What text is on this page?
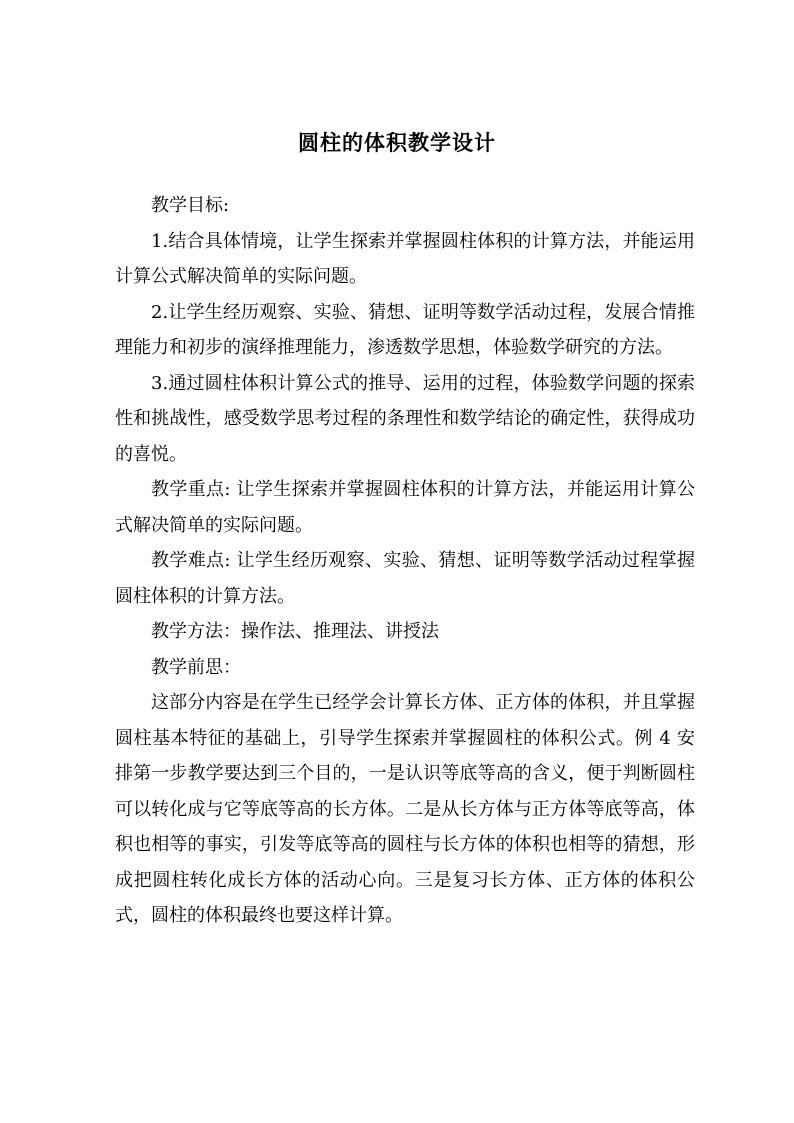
圆柱的体积教学设计

教学目标:

1.结合具体情境，让学生探索并掌握圆柱体积的计算方法，并能运用计算公式解决简单的实际问题。

2.让学生经历观察、实验、猜想、证明等数学活动过程，发展合情推理能力和初步的演绎推理能力，渗透数学思想，体验数学研究的方法。

3.通过圆柱体积计算公式的推导、运用的过程，体验数学问题的探索性和挑战性，感受数学思考过程的条理性和数学结论的确定性，获得成功的喜悦。

教学重点: 让学生探索并掌握圆柱体积的计算方法，并能运用计算公式解决简单的实际问题。

教学难点: 让学生经历观察、实验、猜想、证明等数学活动过程掌握圆柱体积的计算方法。

教学方法：操作法、推理法、讲授法

教学前思：

这部分内容是在学生已经学会计算长方体、正方体的体积，并且掌握圆柱基本特征的基础上，引导学生探索并掌握圆柱的体积公式。例 4 安排第一步教学要达到三个目的，一是认识等底等高的含义，便于判断圆柱可以转化成与它等底等高的长方体。二是从长方体与正方体等底等高，体积也相等的事实，引发等底等高的圆柱与长方体的体积也相等的猜想，形成把圆柱转化成长方体的活动心向。三是复习长方体、正方体的体积公式，圆柱的体积最终也要这样计算。
